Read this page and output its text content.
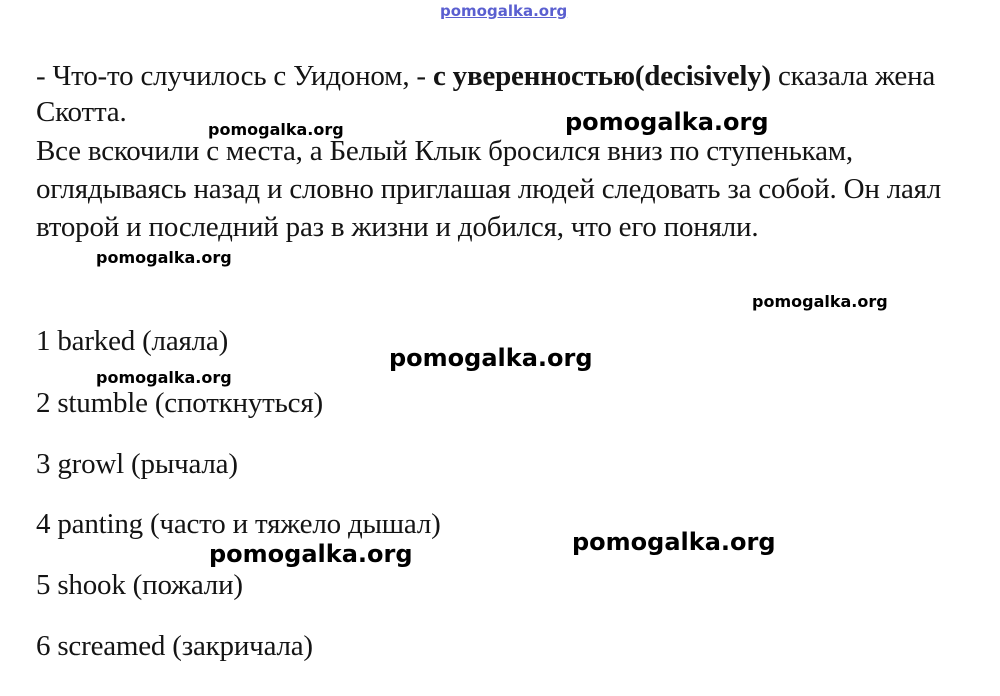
pomogalka.org

- Что-то случилось с Уидоном, - с уверенностью(decisively) сказала жена Скотта.

Все вскочили с места, а Белый Клык бросился вниз по ступенькам, оглядываясь назад и словно приглашая людей следовать за собой. Он лаял второй и последний раз в жизни и добился, что его поняли.

1 barked (лаяла)

2 stumble (споткнуться)

3 growl (рычала)

4 panting (часто и тяжело дышал)

5 shook (пожали)

6 screamed (закричала)

pomogalka.org	pomogalka.org
pomogalka.org
pomogalka.org
pomogalka.org
pomogalka.org
pomogalka.org
pomogalka.org
